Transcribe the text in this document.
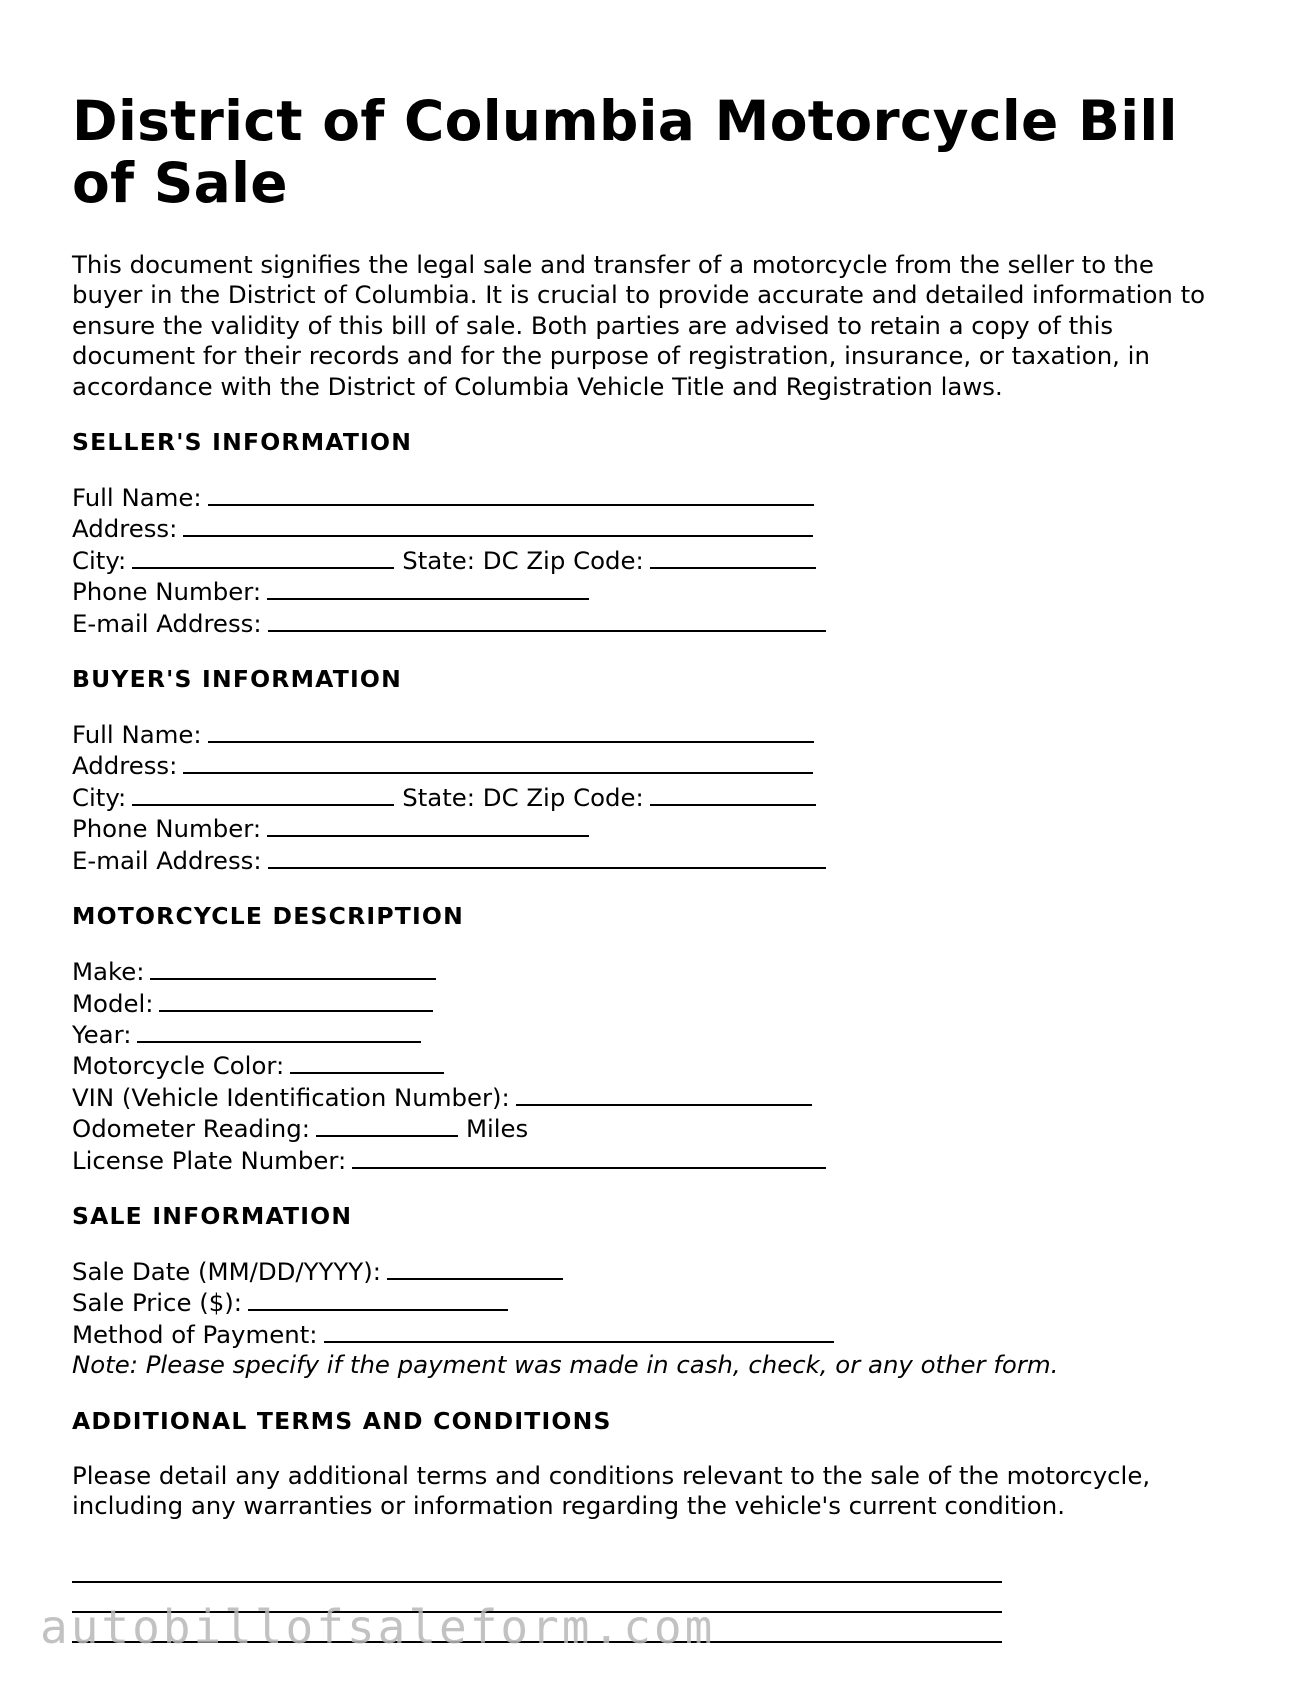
District of Columbia Motorcycle Bill of Sale
This document signifies the legal sale and transfer of a motorcycle from the seller to the buyer in the District of Columbia. It is crucial to provide accurate and detailed information to ensure the validity of this bill of sale. Both parties are advised to retain a copy of this document for their records and for the purpose of registration, insurance, or taxation, in accordance with the District of Columbia Vehicle Title and Registration laws.
SELLER'S INFORMATION
Full Name:
Address:
City:	State: DC Zip Code:
Phone Number:
E-mail Address:
BUYER'S INFORMATION
Full Name:
Address:
City:	State: DC Zip Code:
Phone Number:
E-mail Address:
MOTORCYCLE DESCRIPTION
Make:
Model:
Year:
Motorcycle Color:
VIN (Vehicle Identification Number):
Odometer Reading:	Miles
License Plate Number:
SALE INFORMATION
Sale Date (MM/DD/YYYY):
Sale Price ($):
Method of Payment:
Note: Please specify if the payment was made in cash, check, or any other form.
ADDITIONAL TERMS AND CONDITIONS
Please detail any additional terms and conditions relevant to the sale of the motorcycle, including any warranties or information regarding the vehicle's current condition.
autobillofsaleform.com
